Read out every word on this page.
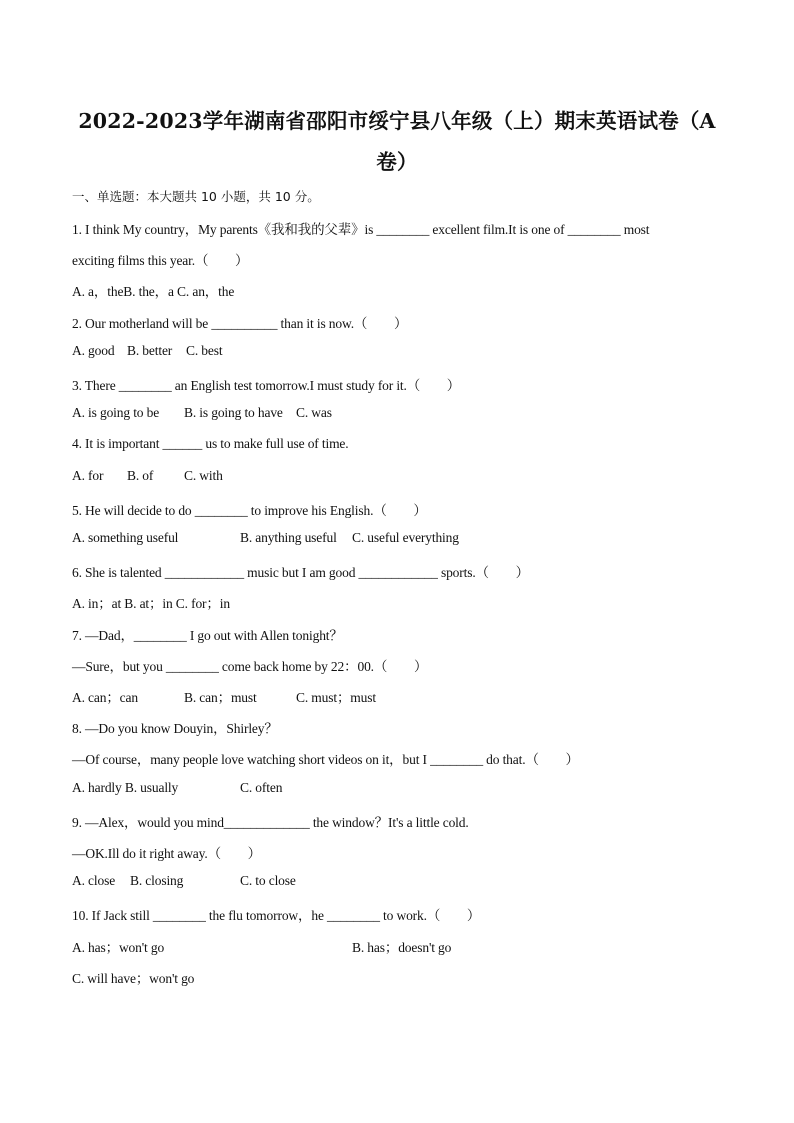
2022-2023学年湖南省邵阳市绥宁县八年级（上）期末英语试卷（A
卷）
一、单选题：本大题共 10 小题，共 10 分。
1. I think My country，My parents《我和我的父辈》is ________ excellent film.It is one of ________ most
exciting films this year.（　　）
A. a，theB. the，a C. an，the
2. Our motherland will be __________ than it is now.（　　）
A. good B. better C. best
3. There ________ an English test tomorrow.I must study for it.（　　）
A. is going to be B. is going to have C. was
4. It is important ______ us to make full use of time.
A. for B. of C. with
5. He will decide to do ________ to improve his English.（　　）
A. something useful	B. anything useful C. useful everything
6. She is talented ____________ music but I am good ____________ sports.（　　）
A. in；at B. at；in C. for；in
7. —Dad，________ I go out with Allen tonight？
—Sure，but you ________ come back home by 22：00.（　　）
A. can；can	B. can；must	C. must；must
8. —Do you know Douyin，Shirley？
—Of course，many people love watching short videos on it，but I ________ do that.（　　）
A. hardly B. usually	C. often
9. —Alex，would you mind_____________ the window？It's a little cold.
—OK.Ill do it right away.（　　）
A. close B. closing	C. to close
10. If Jack still ________ the flu tomorrow，he ________ to work.（　　）
A. has；won't go	B. has；doesn't go
C. will have；won't go
